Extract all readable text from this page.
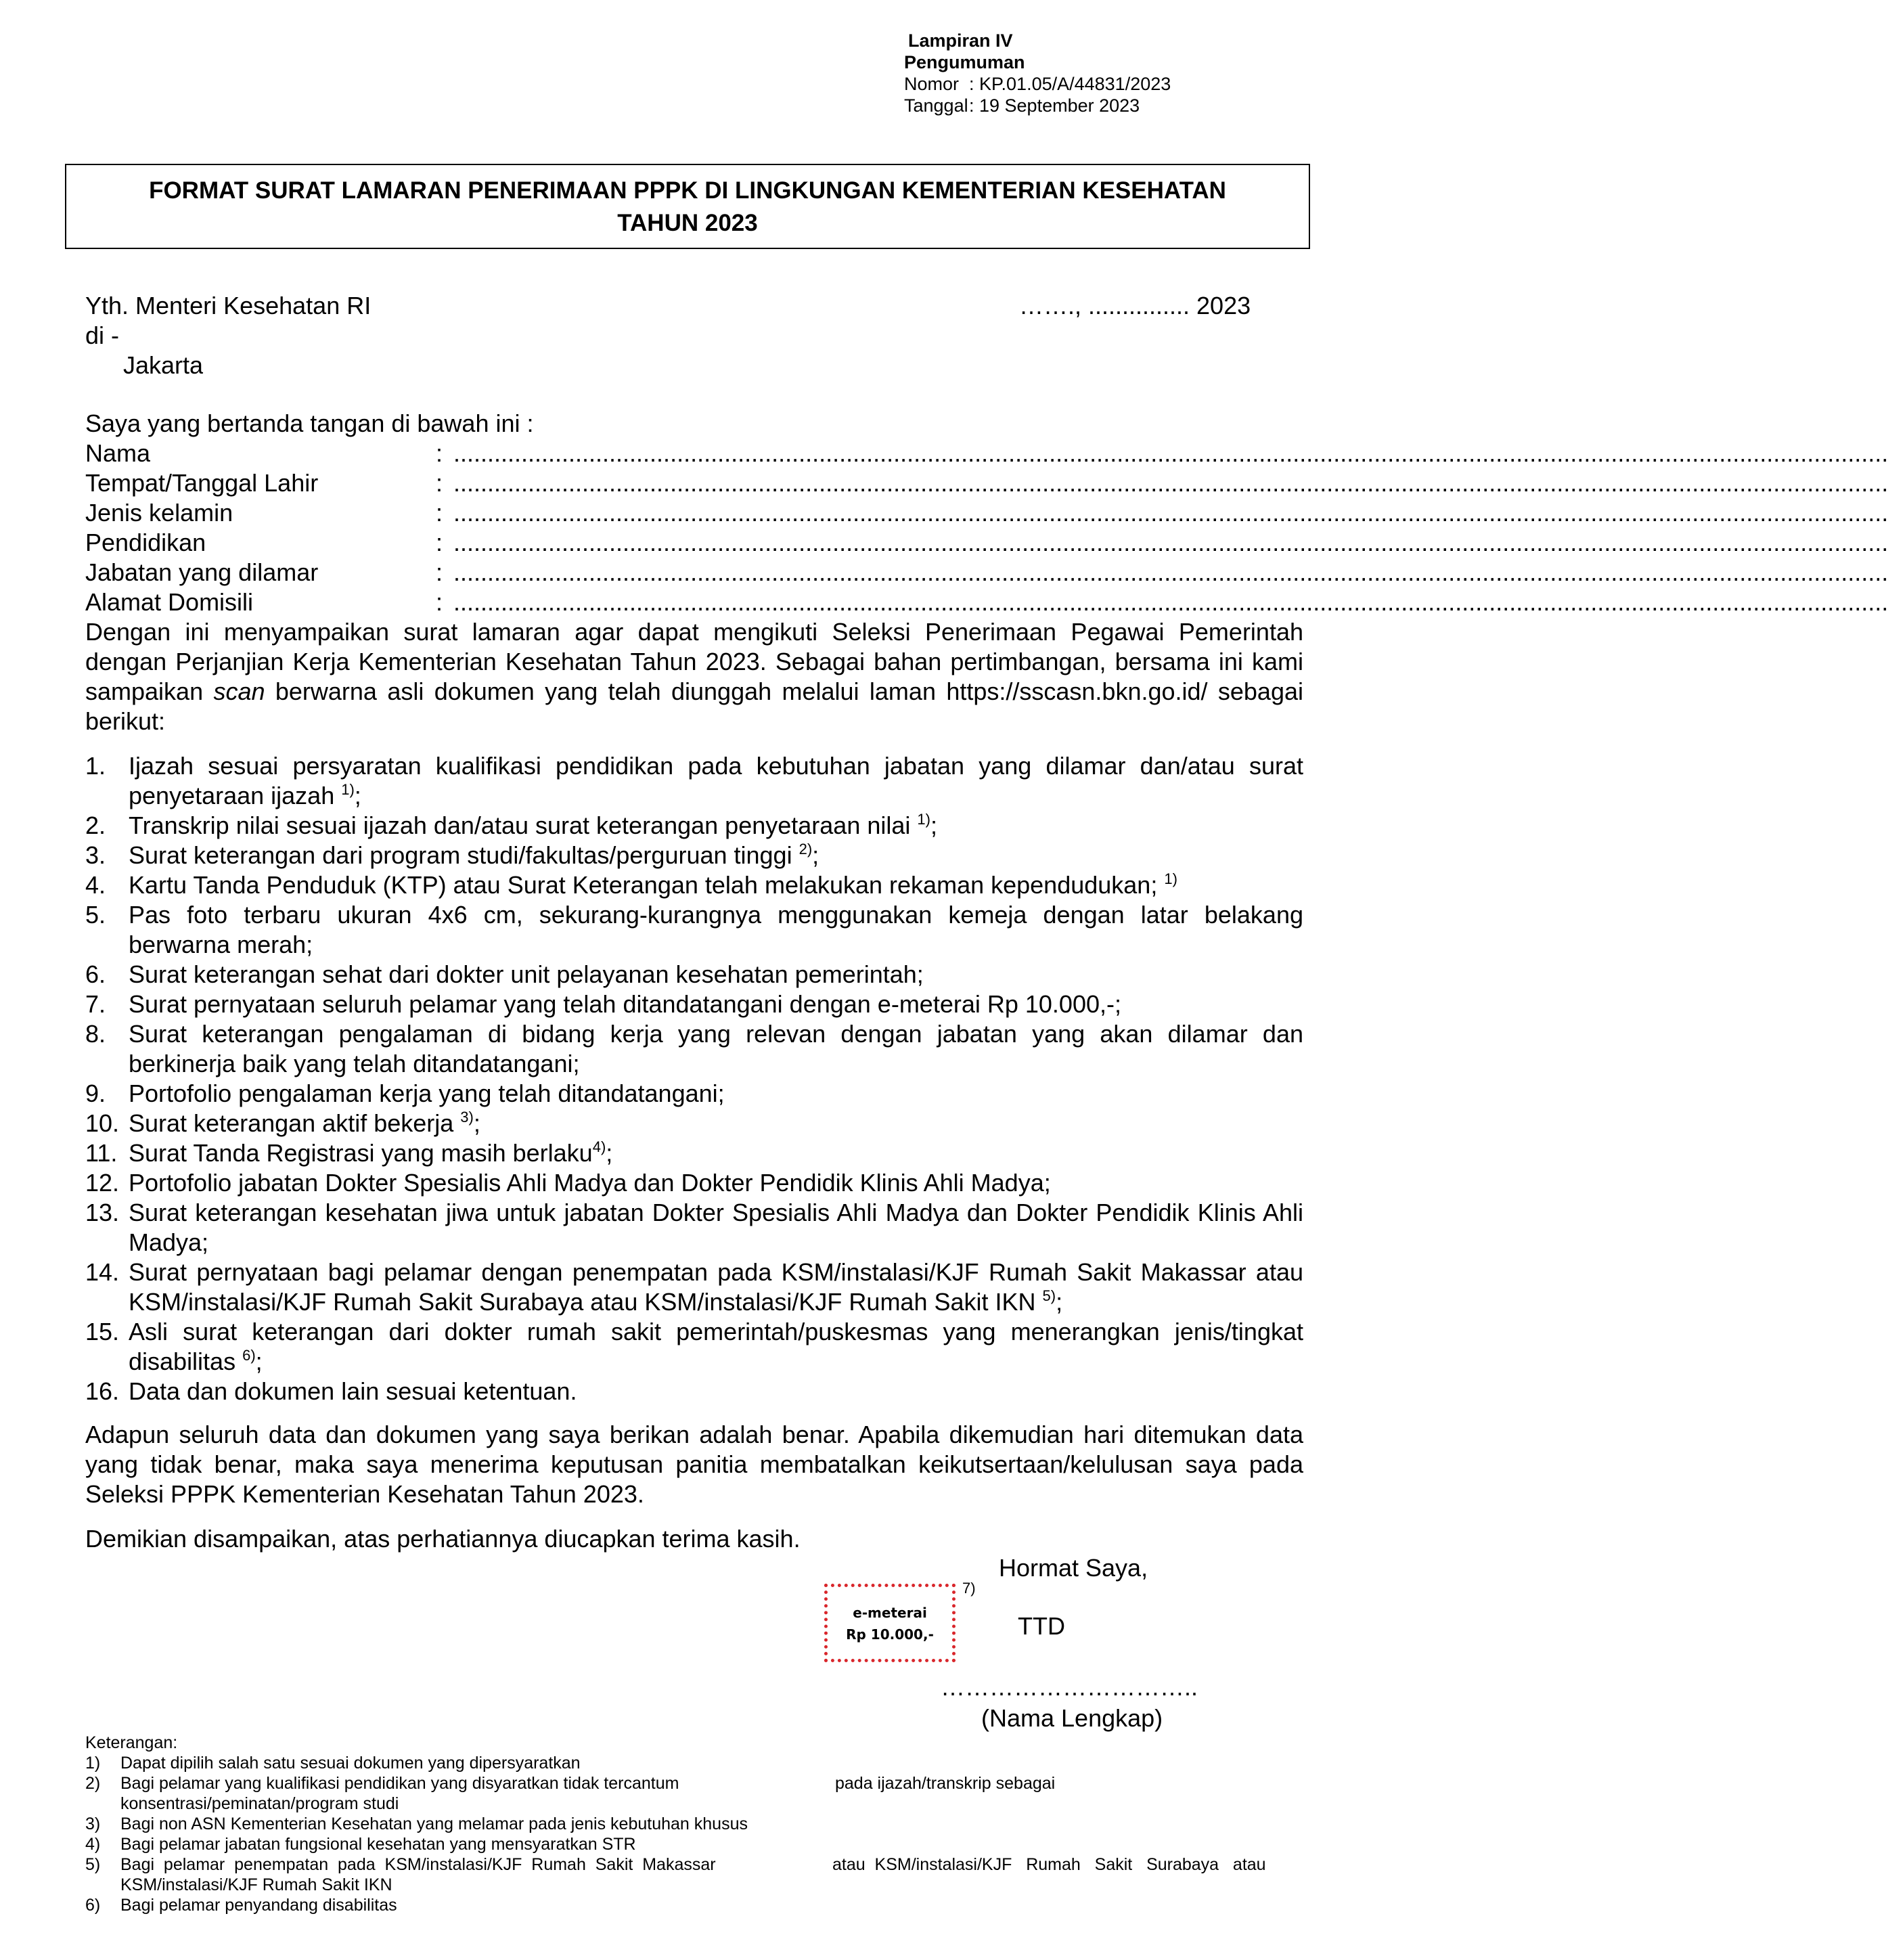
Lampiran IV
Pengumuman
Nomor : KP.01.05/A/44831/2023
Tanggal: 19 September 2023
FORMAT SURAT LAMARAN PENERIMAAN PPPK DI LINGKUNGAN KEMENTERIAN KESEHATAN
TAHUN 2023
Yth. Menteri Kesehatan RI
di -
Jakarta
……., ............... 2023
Saya yang bertanda tangan di bawah ini :
Nama	: ....................................................................................................................................................................................................................
Tempat/Tanggal Lahir	: ....................................................................................................................................................................................................................
Jenis kelamin	: ....................................................................................................................................................................................................................
Pendidikan	: ....................................................................................................................................................................................................................
Jabatan yang dilamar	: ....................................................................................................................................................................................................................
Alamat Domisili	: ....................................................................................................................................................................................................................
Dengan ini menyampaikan surat lamaran agar dapat mengikuti Seleksi Penerimaan Pegawai Pemerintah dengan Perjanjian Kerja Kementerian Kesehatan Tahun 2023. Sebagai bahan pertimbangan, bersama ini kami sampaikan scan berwarna asli dokumen yang telah diunggah melalui laman https://sscasn.bkn.go.id/ sebagai berikut:
1. Ijazah sesuai persyaratan kualifikasi pendidikan pada kebutuhan jabatan yang dilamar dan/atau surat penyetaraan ijazah $^{1)}$;
2. Transkrip nilai sesuai ijazah dan/atau surat keterangan penyetaraan nilai $^{1)}$;
3. Surat keterangan dari program studi/fakultas/perguruan tinggi $^{2)}$;
4. Kartu Tanda Penduduk (KTP) atau Surat Keterangan telah melakukan rekaman kependudukan; $^{1)}$
5. Pas foto terbaru ukuran 4x6 cm, sekurang-kurangnya menggunakan kemeja dengan latar belakang berwarna merah;
6. Surat keterangan sehat dari dokter unit pelayanan kesehatan pemerintah;
7. Surat pernyataan seluruh pelamar yang telah ditandatangani dengan e-meterai Rp 10.000,-;
8. Surat keterangan pengalaman di bidang kerja yang relevan dengan jabatan yang akan dilamar dan berkinerja baik yang telah ditandatangani;
9. Portofolio pengalaman kerja yang telah ditandatangani;
10. Surat keterangan aktif bekerja $^{3)}$;
11. Surat Tanda Registrasi yang masih berlaku$^{4)}$;
12. Portofolio jabatan Dokter Spesialis Ahli Madya dan Dokter Pendidik Klinis Ahli Madya;
13. Surat keterangan kesehatan jiwa untuk jabatan Dokter Spesialis Ahli Madya dan Dokter Pendidik Klinis Ahli Madya;
14. Surat pernyataan bagi pelamar dengan penempatan pada KSM/instalasi/KJF Rumah Sakit Makassar atau KSM/instalasi/KJF Rumah Sakit Surabaya atau KSM/instalasi/KJF Rumah Sakit IKN $^{5)}$;
15. Asli surat keterangan dari dokter rumah sakit pemerintah/puskesmas yang menerangkan jenis/tingkat disabilitas $^{6)}$;
16. Data dan dokumen lain sesuai ketentuan.
Adapun seluruh data dan dokumen yang saya berikan adalah benar. Apabila dikemudian hari ditemukan data yang tidak benar, maka saya menerima keputusan panitia membatalkan keikutsertaan/kelulusan saya pada Seleksi PPPK Kementerian Kesehatan Tahun 2023.
Demikian disampaikan, atas perhatiannya diucapkan terima kasih.
Hormat Saya,
e-meterai
Rp 10.000,-
7)
TTD
…………………………..
(Nama Lengkap)
Keterangan:
1) Dapat dipilih salah satu sesuai dokumen yang dipersyaratkan
2) Bagi pelamar yang kualifikasi pendidikan yang disyaratkan tidak tercantum	pada ijazah/transkrip sebagai
konsentrasi/peminatan/program studi
3) Bagi non ASN Kementerian Kesehatan yang melamar pada jenis kebutuhan khusus
4) Bagi pelamar jabatan fungsional kesehatan yang mensyaratkan STR
5) Bagi  pelamar  penempatan  pada  KSM/instalasi/KJF  Rumah  Sakit  Makassar	atau  KSM/instalasi/KJF   Rumah   Sakit   Surabaya   atau
KSM/instalasi/KJF Rumah Sakit IKN
6) Bagi pelamar penyandang disabilitas
